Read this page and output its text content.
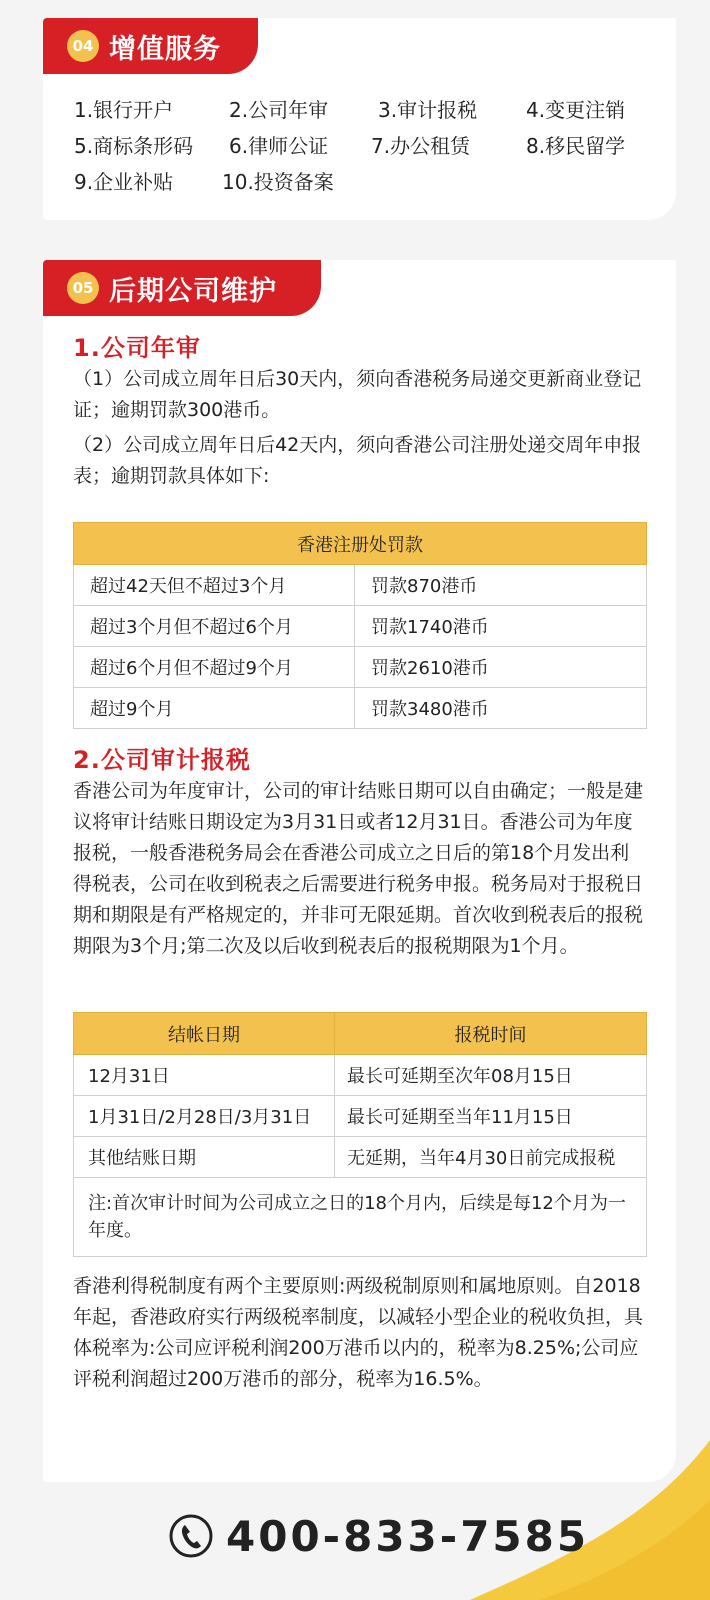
04 增值服务
1.银行开户	2.公司年审 3.审计报税 4.变更注销
5.商标条形码 6.律师公证 7.办公租赁	8.移民留学
9.企业补贴 10.投资备案
05 后期公司维护
1.公司年审
（1）公司成立周年日后30天内，须向香港税务局递交更新商业登记证；逾期罚款300港币。
（2）公司成立周年日后42天内，须向香港公司注册处递交周年申报表；逾期罚款具体如下:
香港注册处罚款	
超过42天但不超过3个月	罚款870港币
超过3个月但不超过6个月	罚款1740港币
超过6个月但不超过9个月	罚款2610港币
超过9个月	罚款3480港币
2.公司审计报税
香港公司为年度审计，公司的审计结账日期可以自由确定；一般是建议将审计结账日期设定为3月31日或者12月31日。香港公司为年度报税，一般香港税务局会在香港公司成立之日后的第18个月发出利得税表，公司在收到税表之后需要进行税务申报。税务局对于报税日期和期限是有严格规定的，并非可无限延期。首次收到税表后的报税期限为3个月;第二次及以后收到税表后的报税期限为1个月。
结帐日期	报税时间
12月31日	最长可延期至次年08月15日
1月31日/2月28日/3月31日	最长可延期至当年11月15日
其他结账日期	无延期，当年4月30日前完成报税
注:首次审计时间为公司成立之日的18个月内，后续是每12个月为一年度。	
香港利得税制度有两个主要原则:两级税制原则和属地原则。自2018年起，香港政府实行两级税率制度，以减轻小型企业的税收负担，具体税率为:公司应评税利润200万港币以内的，税率为8.25%;公司应评税利润超过200万港币的部分，税率为16.5%。
400-833-7585
